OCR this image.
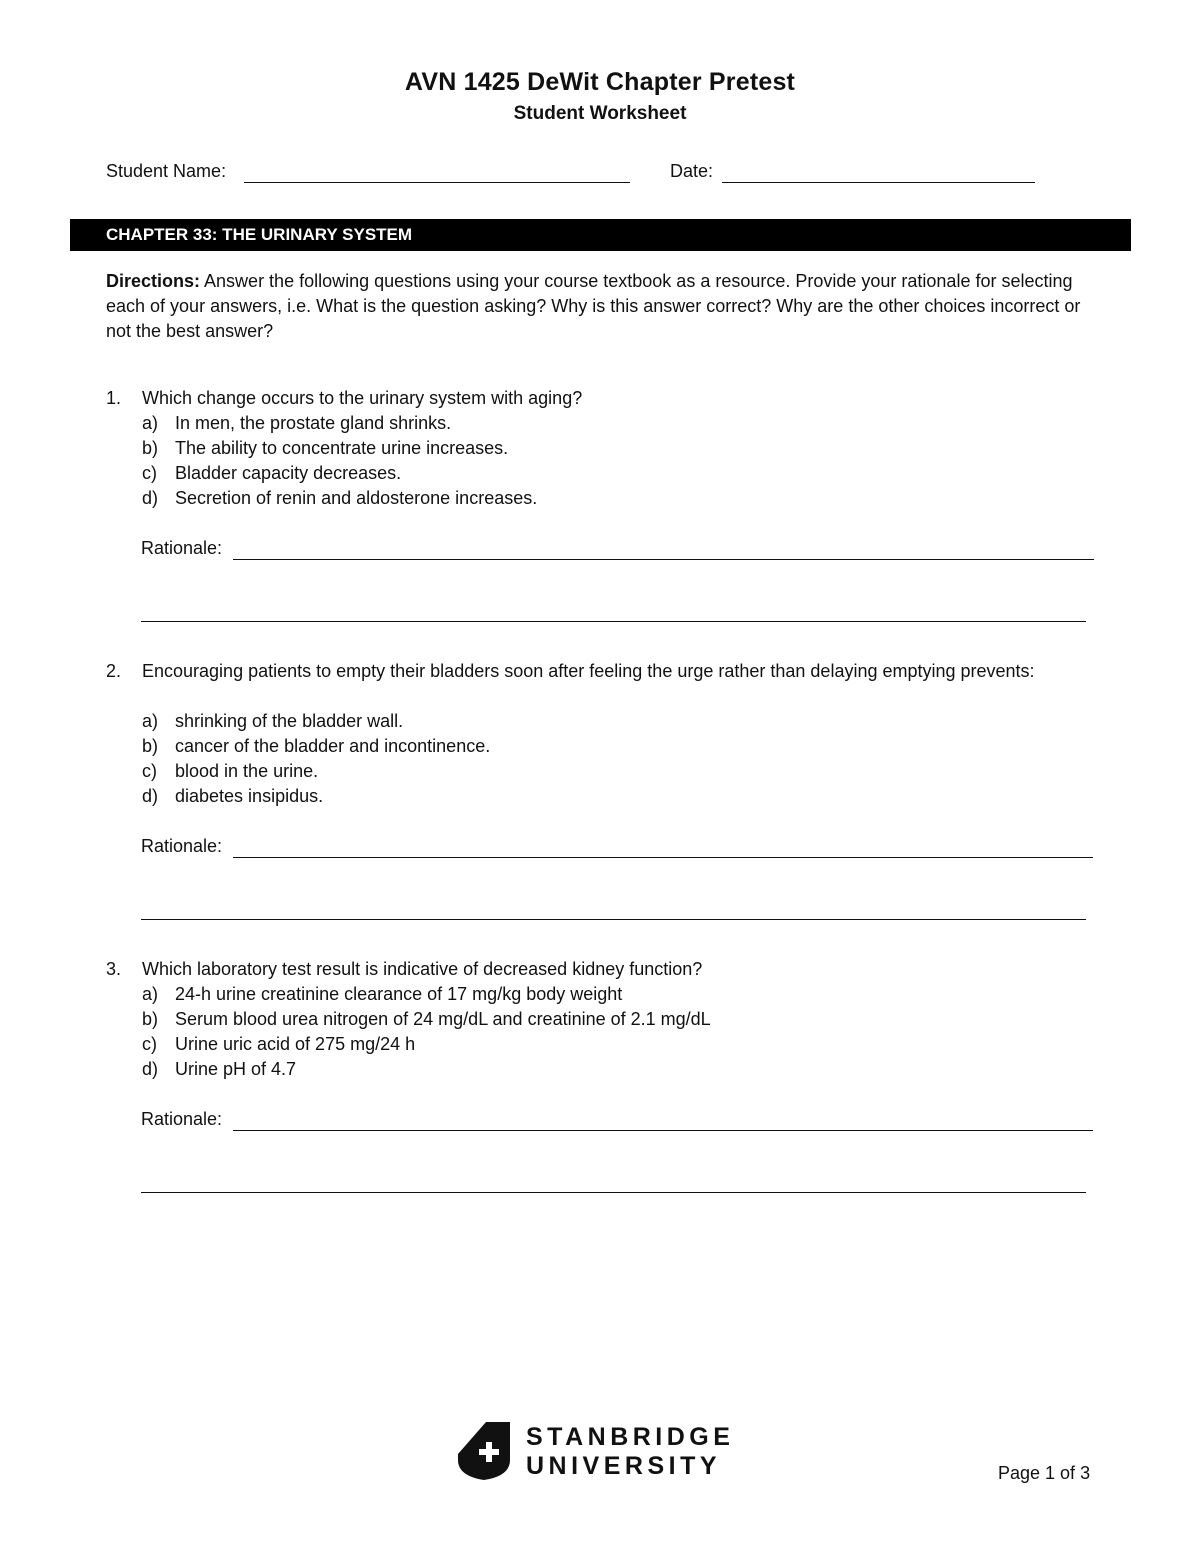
AVN 1425 DeWit Chapter Pretest
Student Worksheet
Student Name:	Date:
CHAPTER 33: THE URINARY SYSTEM
Directions: Answer the following questions using your course textbook as a resource. Provide your rationale for selecting each of your answers, i.e. What is the question asking? Why is this answer correct? Why are the other choices incorrect or not the best answer?
1. Which change occurs to the urinary system with aging?
a) In men, the prostate gland shrinks.
b) The ability to concentrate urine increases.
c) Bladder capacity decreases.
d) Secretion of renin and aldosterone increases.
Rationale:
2. Encouraging patients to empty their bladders soon after feeling the urge rather than delaying emptying prevents:
a) shrinking of the bladder wall.
b) cancer of the bladder and incontinence.
c) blood in the urine.
d) diabetes insipidus.
Rationale:
3. Which laboratory test result is indicative of decreased kidney function?
a) 24-h urine creatinine clearance of 17 mg/kg body weight
b) Serum blood urea nitrogen of 24 mg/dL and creatinine of 2.1 mg/dL
c) Urine uric acid of 275 mg/24 h
d) Urine pH of 4.7
Rationale:
STANBRIDGE
UNIVERSITY	Page 1 of 3
